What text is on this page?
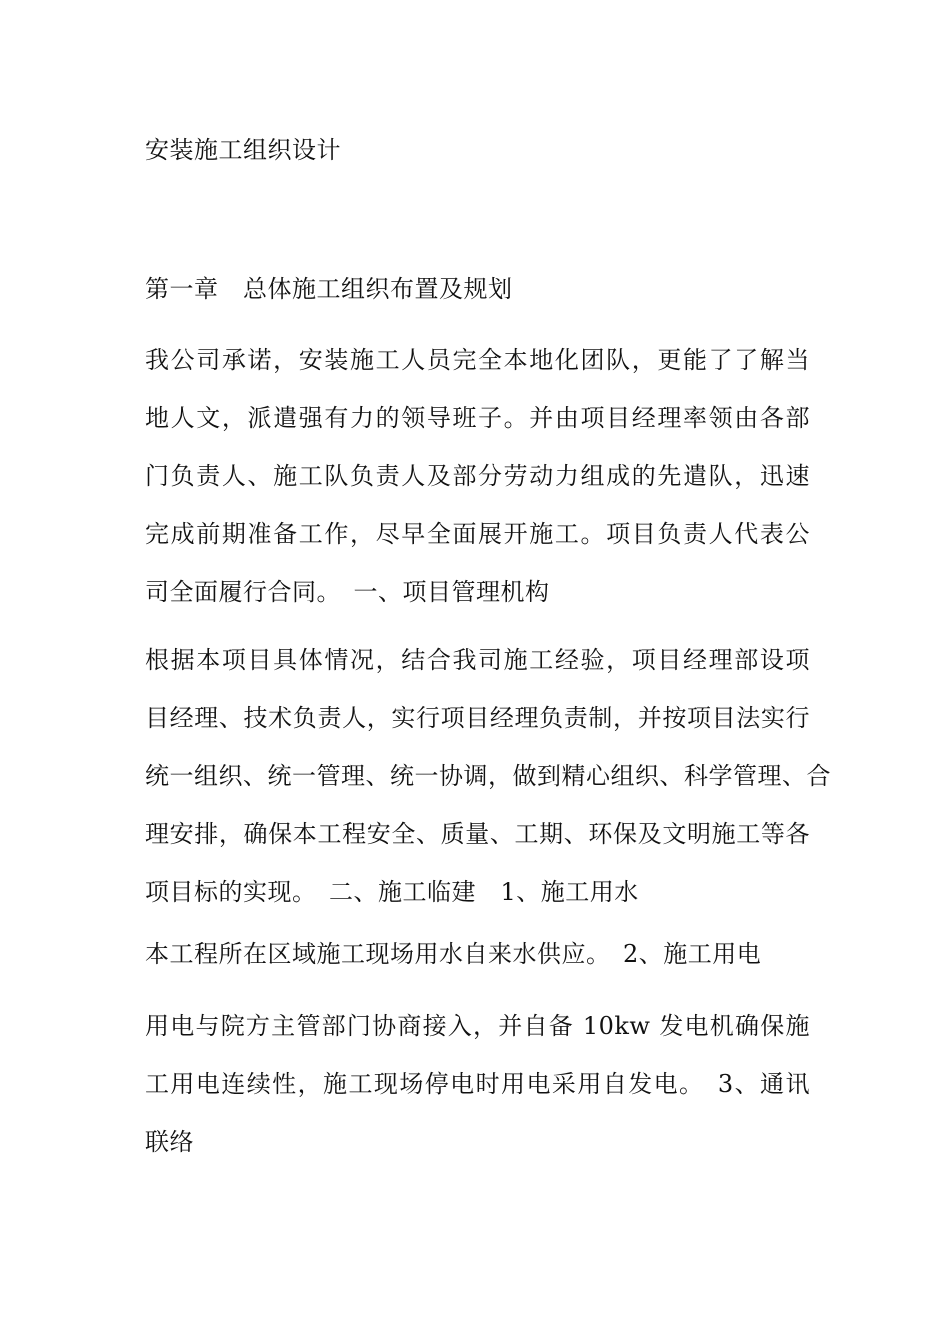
安装施工组织设计
第一章　总体施工组织布置及规划
我公司承诺，安装施工人员完全本地化团队，更能了了解当
地人文，派遣强有力的领导班子。并由项目经理率领由各部
门负责人、施工队负责人及部分劳动力组成的先遣队，迅速
完成前期准备工作，尽早全面展开施工。项目负责人代表公
司全面履行合同。　一、项目管理机构
根据本项目具体情况，结合我司施工经验，项目经理部设项
目经理、技术负责人，实行项目经理负责制，并按项目法实行
统一组织、统一管理、统一协调，做到精心组织、科学管理、合
理安排，确保本工程安全、质量、工期、环保及文明施工等各
项目标的实现。　二、施工临建　1、施工用水
本工程所在区域施工现场用水自来水供应。　2、施工用电
用电与院方主管部门协商接入，并自备 10kw 发电机确保施
工用电连续性，施工现场停电时用电采用自发电。　3、通讯
联络
